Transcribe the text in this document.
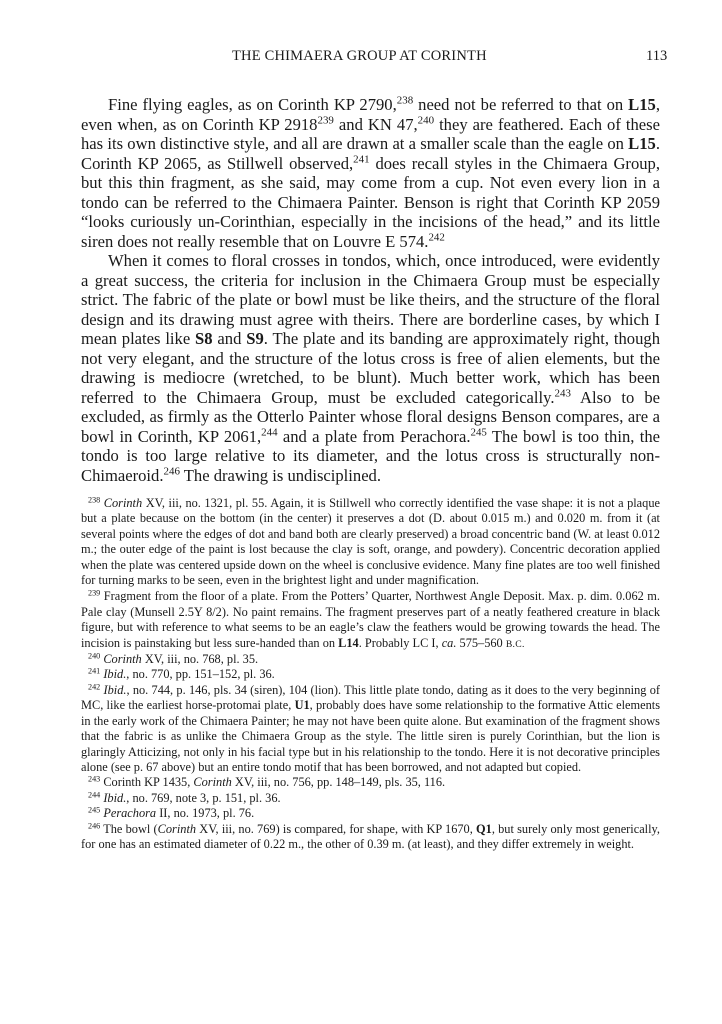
THE CHIMAERA GROUP AT CORINTH	113

Fine flying eagles, as on Corinth KP 2790,$^{238}$ need not be referred to that on L15, even when, as on Corinth KP 2918$^{239}$ and KN 47,$^{240}$ they are feathered. Each of these has its own distinctive style, and all are drawn at a smaller scale than the eagle on L15. Corinth KP 2065, as Stillwell observed,$^{241}$ does recall styles in the Chimaera Group, but this thin fragment, as she said, may come from a cup. Not even every lion in a tondo can be referred to the Chimaera Painter. Benson is right that Corinth KP 2059 “looks curiously un-Corinthian, especially in the incisions of the head,” and its little siren does not really resemble that on Louvre E 574.$^{242}$

When it comes to floral crosses in tondos, which, once introduced, were evidently a great success, the criteria for inclusion in the Chimaera Group must be especially strict. The fabric of the plate or bowl must be like theirs, and the structure of the floral design and its drawing must agree with theirs. There are borderline cases, by which I mean plates like S8 and S9. The plate and its banding are approximately right, though not very elegant, and the structure of the lotus cross is free of alien elements, but the drawing is mediocre (wretched, to be blunt). Much better work, which has been referred to the Chimaera Group, must be excluded categorically.$^{243}$ Also to be excluded, as firmly as the Otterlo Painter whose floral designs Benson compares, are a bowl in Corinth, KP 2061,$^{244}$ and a plate from Perachora.$^{245}$ The bowl is too thin, the tondo is too large relative to its diameter, and the lotus cross is structurally non-Chimaeroid.$^{246}$ The drawing is undisciplined.

$^{238}$ Corinth XV, iii, no. 1321, pl. 55. Again, it is Stillwell who correctly identified the vase shape: it is not a plaque but a plate because on the bottom (in the center) it preserves a dot (D. about 0.015 m.) and 0.020 m. from it (at several points where the edges of dot and band both are clearly preserved) a broad concentric band (W. at least 0.012 m.; the outer edge of the paint is lost because the clay is soft, orange, and powdery). Concentric decoration applied when the plate was centered upside down on the wheel is conclusive evidence. Many fine plates are too well finished for turning marks to be seen, even in the brightest light and under magnification.

$^{239}$ Fragment from the floor of a plate. From the Potters’ Quarter, Northwest Angle Deposit. Max. p. dim. 0.062 m. Pale clay (Munsell 2.5Y 8/2). No paint remains. The fragment preserves part of a neatly feathered creature in black figure, but with reference to what seems to be an eagle’s claw the feathers would be growing towards the head. The incision is painstaking but less sure-handed than on L14. Probably LC I, ca. 575–560 B.C.

$^{240}$ Corinth XV, iii, no. 768, pl. 35.

$^{241}$ Ibid., no. 770, pp. 151–152, pl. 36.

$^{242}$ Ibid., no. 744, p. 146, pls. 34 (siren), 104 (lion). This little plate tondo, dating as it does to the very beginning of MC, like the earliest horse-protomai plate, U1, probably does have some relationship to the formative Attic elements in the early work of the Chimaera Painter; he may not have been quite alone. But examination of the fragment shows that the fabric is as unlike the Chimaera Group as the style. The little siren is purely Corinthian, but the lion is glaringly Atticizing, not only in his facial type but in his relationship to the tondo. Here it is not decorative principles alone (see p. 67 above) but an entire tondo motif that has been borrowed, and not adapted but copied.

$^{243}$ Corinth KP 1435, Corinth XV, iii, no. 756, pp. 148–149, pls. 35, 116.

$^{244}$ Ibid., no. 769, note 3, p. 151, pl. 36.

$^{245}$ Perachora II, no. 1973, pl. 76.

$^{246}$ The bowl (Corinth XV, iii, no. 769) is compared, for shape, with KP 1670, Q1, but surely only most generically, for one has an estimated diameter of 0.22 m., the other of 0.39 m. (at least), and they differ extremely in weight.
